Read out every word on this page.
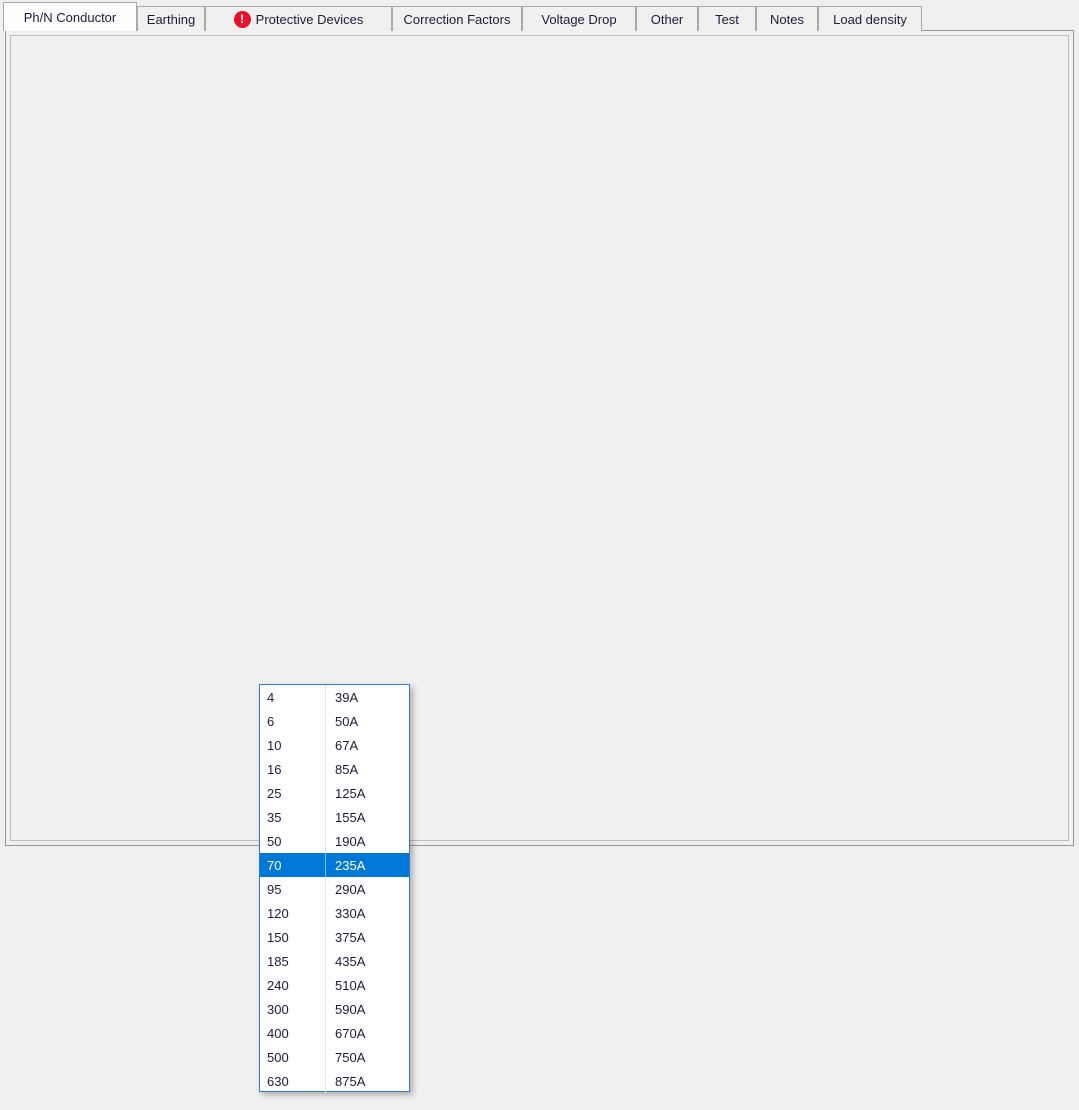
Ph/N Conductor Earthing	! Protective Devices	Correction Factors Voltage Drop	Other Test Notes Load density
38.6
4	39A
6	50A
10	67A
16	85A
25	125A
35	155A
50	190A
70	235A
95	290A
120	330A
150	375A
185	435A
240	510A
300	590A
400	670A
500	750A
630	875A
